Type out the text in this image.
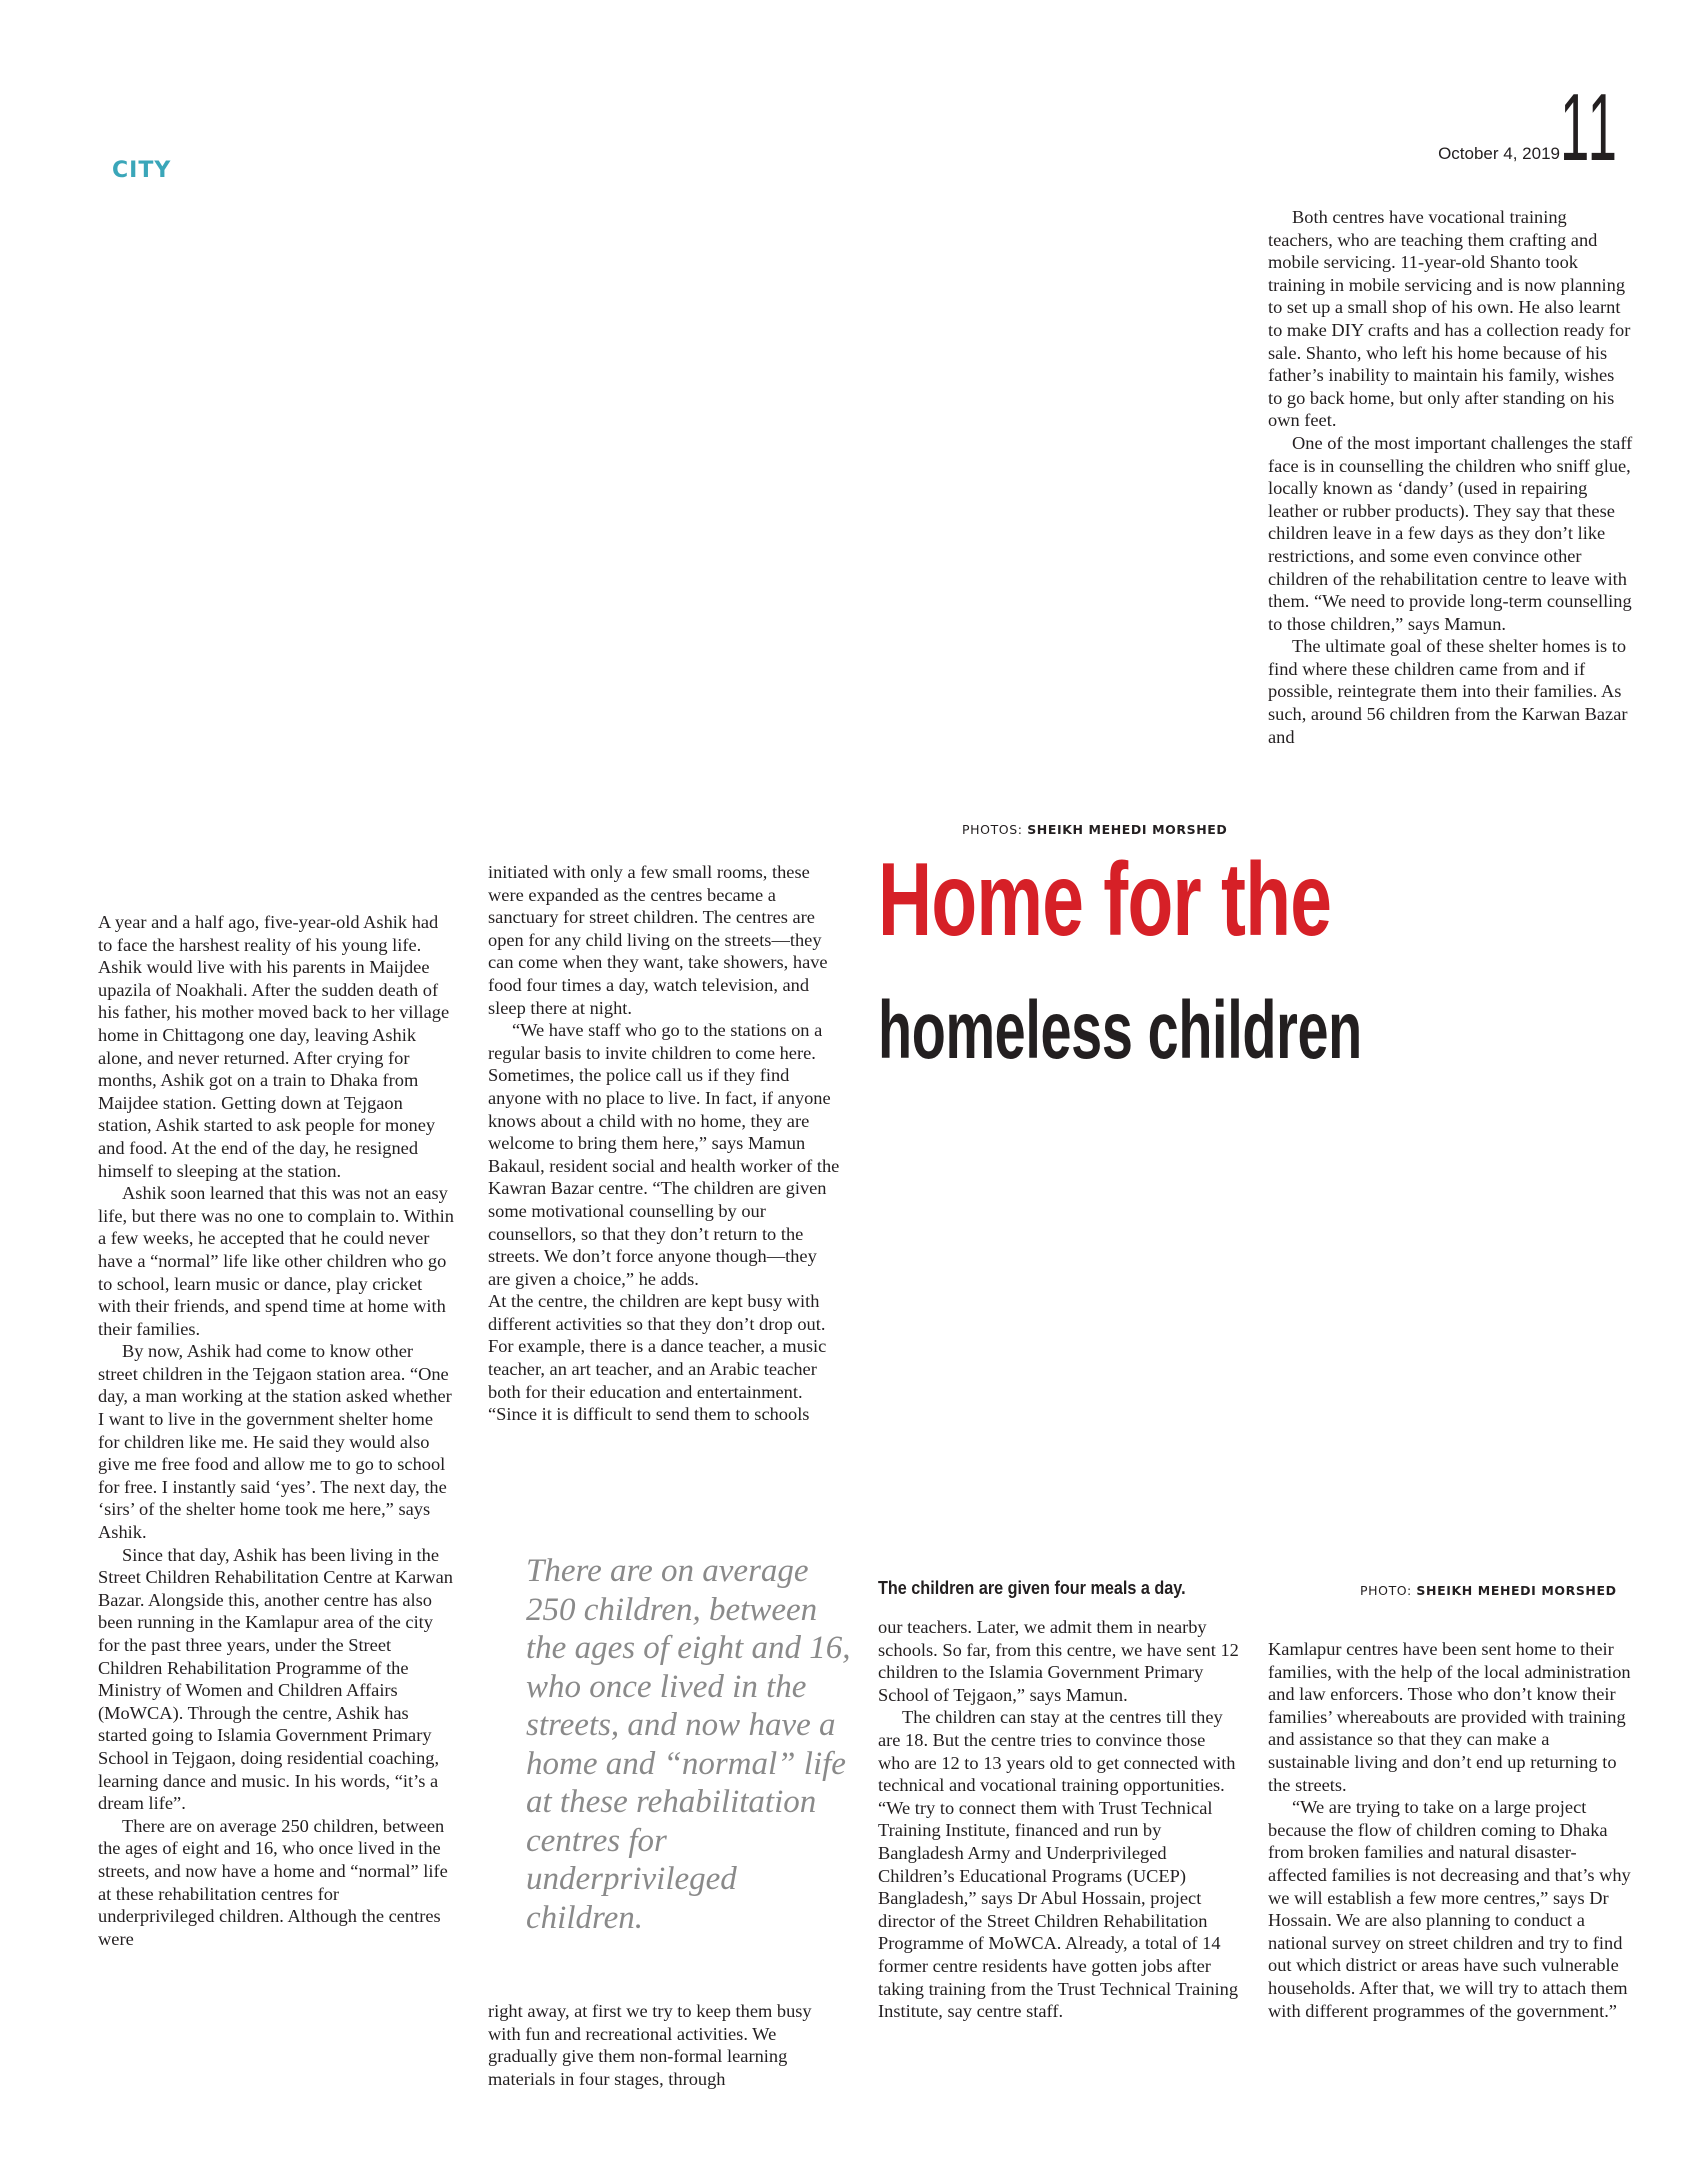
CITY
October 4, 2019 11

Both centres have vocational training teachers, who are teaching them crafting and mobile servicing. 11-year-old Shanto took training in mobile servicing and is now planning to set up a small shop of his own. He also learnt to make DIY crafts and has a collection ready for sale. Shanto, who left his home because of his father’s inability to maintain his family, wishes to go back home, but only after standing on his own feet.

One of the most important challenges the staff face is in counselling the children who sniff glue, locally known as ‘dandy’ (used in repairing leather or rubber products). They say that these children leave in a few days as they don’t like restrictions, and some even convince other children of the rehabilitation centre to leave with them. “We need to provide long-term counselling to those children,” says Mamun.

The ultimate goal of these shelter homes is to find where these children came from and if possible, reintegrate them into their families. As such, around 56 children from the Karwan Bazar and

PHOTOS: SHEIKH MEHEDI MORSHED
Home for the
homeless children

A year and a half ago, five-year-old Ashik had to face the harshest reality of his young life. Ashik would live with his parents in Maijdee upazila of Noakhali. After the sudden death of his father, his mother moved back to her village home in Chittagong one day, leaving Ashik alone, and never returned. After crying for months, Ashik got on a train to Dhaka from Maijdee station. Getting down at Tejgaon station, Ashik started to ask people for money and food. At the end of the day, he resigned himself to sleeping at the station.

Ashik soon learned that this was not an easy life, but there was no one to complain to. Within a few weeks, he accepted that he could never have a “normal” life like other children who go to school, learn music or dance, play cricket with their friends, and spend time at home with their families.

By now, Ashik had come to know other street children in the Tejgaon station area. “One day, a man working at the station asked whether I want to live in the government shelter home for children like me. He said they would also give me free food and allow me to go to school for free. I instantly said ‘yes’. The next day, the ‘sirs’ of the shelter home took me here,” says Ashik.

Since that day, Ashik has been living in the Street Children Rehabilitation Centre at Karwan Bazar. Alongside this, another centre has also been running in the Kamlapur area of the city for the past three years, under the Street Children Rehabilitation Programme of the Ministry of Women and Children Affairs (MoWCA). Through the centre, Ashik has started going to Islamia Government Primary School in Tejgaon, doing residential coaching, learning dance and music. In his words, “it’s a dream life”.

There are on average 250 children, between the ages of eight and 16, who once lived in the streets, and now have a home and “normal” life at these rehabilitation centres for underprivileged children. Although the centres were

initiated with only a few small rooms, these were expanded as the centres became a sanctuary for street children. The centres are open for any child living on the streets—they can come when they want, take showers, have food four times a day, watch television, and sleep there at night.

“We have staff who go to the stations on a regular basis to invite children to come here. Sometimes, the police call us if they find anyone with no place to live. In fact, if anyone knows about a child with no home, they are welcome to bring them here,” says Mamun Bakaul, resident social and health worker of the Kawran Bazar centre. “The children are given some motivational counselling by our counsellors, so that they don’t return to the streets. We don’t force anyone though—they are given a choice,” he adds.

At the centre, the children are kept busy with different activities so that they don’t drop out. For example, there is a dance teacher, a music teacher, an art teacher, and an Arabic teacher both for their education and entertainment. “Since it is difficult to send them to schools

There are on average 250 children, between the ages of eight and 16, who once lived in the streets, and now have a home and “normal” life at these rehabilitation centres for underprivileged children.

right away, at first we try to keep them busy with fun and recreational activities. We gradually give them non-formal learning materials in four stages, through

The children are given four meals a day.	PHOTO: SHEIKH MEHEDI MORSHED

our teachers. Later, we admit them in nearby schools. So far, from this centre, we have sent 12 children to the Islamia Government Primary School of Tejgaon,” says Mamun.

The children can stay at the centres till they are 18. But the centre tries to convince those who are 12 to 13 years old to get connected with technical and vocational training opportunities. “We try to connect them with Trust Technical Training Institute, financed and run by Bangladesh Army and Underprivileged Children’s Educational Programs (UCEP) Bangladesh,” says Dr Abul Hossain, project director of the Street Children Rehabilitation Programme of MoWCA. Already, a total of 14 former centre residents have gotten jobs after taking training from the Trust Technical Training Institute, say centre staff.

Kamlapur centres have been sent home to their families, with the help of the local administration and law enforcers. Those who don’t know their families’ whereabouts are provided with training and assistance so that they can make a sustainable living and don’t end up returning to the streets.

“We are trying to take on a large project because the flow of children coming to Dhaka from broken families and natural disaster-affected families is not decreasing and that’s why we will establish a few more centres,” says Dr Hossain. We are also planning to conduct a national survey on street children and try to find out which district or areas have such vulnerable households. After that, we will try to attach them with different programmes of the government.”
